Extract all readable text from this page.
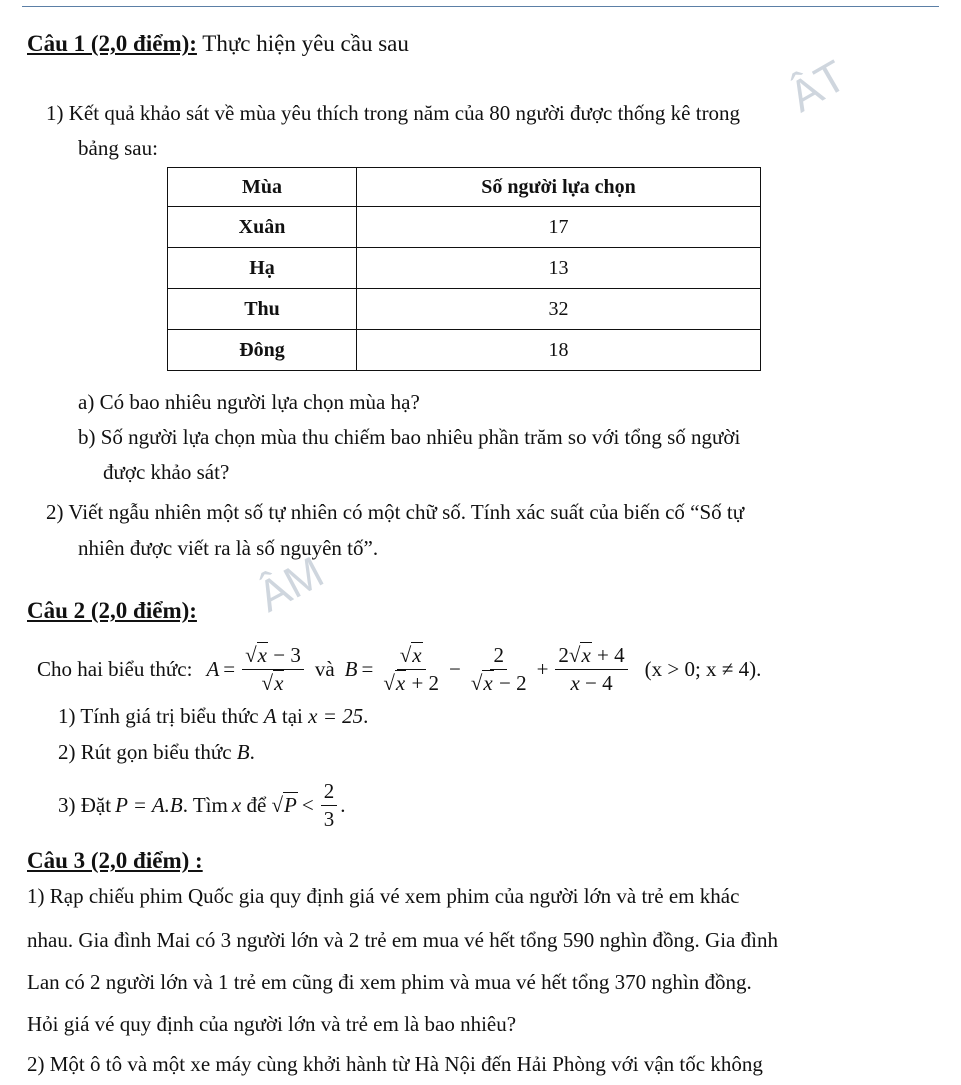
ÂM
ÂT
Câu 1 (2,0 điểm): Thực hiện yêu cầu sau
1) Kết quả khảo sát về mùa yêu thích trong năm của 80 người được thống kê trong
bảng sau:
Mùa	Số người lựa chọn
Xuân	17
Hạ	13
Thu	32
Đông	18
a) Có bao nhiêu người lựa chọn mùa hạ?
b) Số người lựa chọn mùa thu chiếm bao nhiêu phần trăm so với tổng số người
được khảo sát?
2) Viết ngẫu nhiên một số tự nhiên có một chữ số. Tính xác suất của biến cố “Số tự
nhiên được viết ra là số nguyên tố”.
Câu 2 (2,0 điểm):
Cho hai biểu thức: $A = \frac{√x - 3}{√x}$ và $B = \frac{√x}{√x + 2} - \frac{2}{√x - 2} + \frac{2√x + 4}{x - 4} (x > 0$; x ≠ 4).
1) Tính giá trị biểu thức A tại x = 25.
2) Rút gọn biểu thức B.
3) Đặt P = A.B . Tìm x để $√P < \frac{2}{3}$ .
Câu 3 (2,0 điểm) :
1) Rạp chiếu phim Quốc gia quy định giá vé xem phim của người lớn và trẻ em khác
nhau. Gia đình Mai có 3 người lớn và 2 trẻ em mua vé hết tổng 590 nghìn đồng. Gia đình
Lan có 2 người lớn và 1 trẻ em cũng đi xem phim và mua vé hết tổng 370 nghìn đồng.
Hỏi giá vé quy định của người lớn và trẻ em là bao nhiêu?
2) Một ô tô và một xe máy cùng khởi hành từ Hà Nội đến Hải Phòng với vận tốc không
